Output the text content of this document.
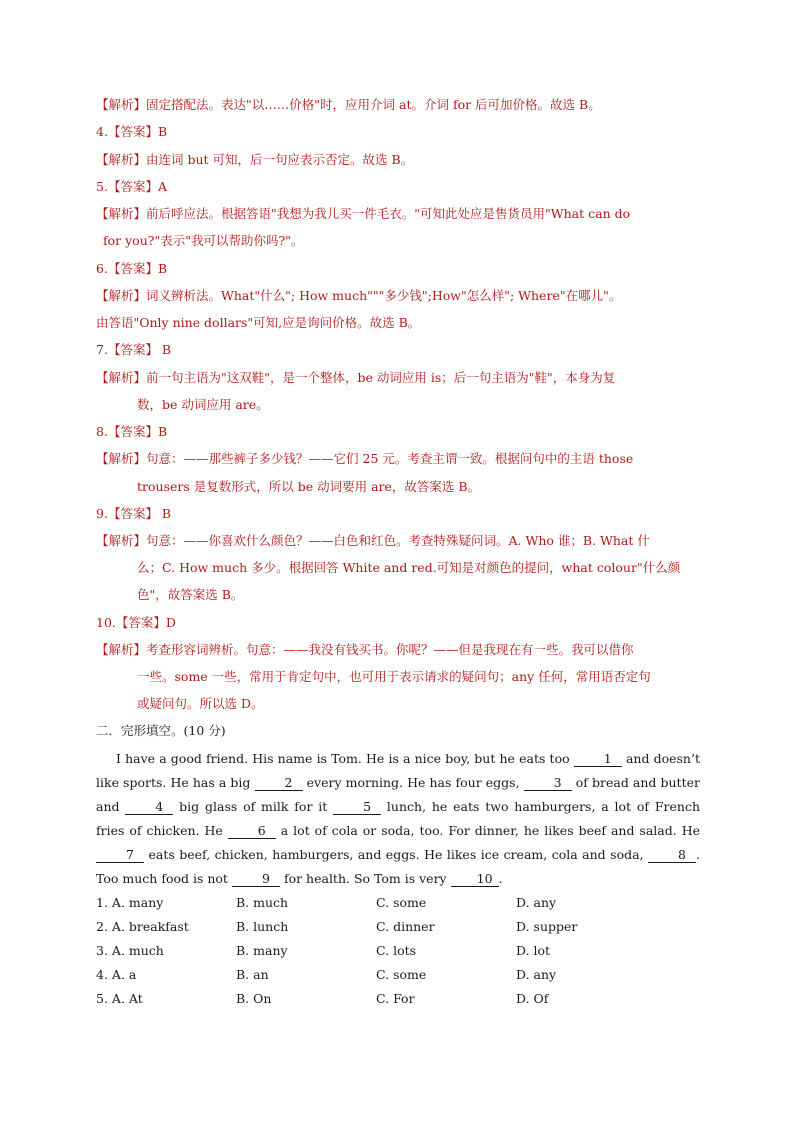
【解析】固定搭配法。表达"以……价格"时，应用介词 at。介词 for 后可加价格。故选 B。
4.【答案】B
【解析】由连词 but 可知，后一句应表示否定。故选 B。
5.【答案】A
【解析】前后呼应法。根据答语"我想为我儿买一件毛衣。"可知此处应是售货员用"What can do
for you?"表示"我可以帮助你吗?"。
6.【答案】B
【解析】词义辨析法。What"什么"; How much"""多少钱";How"怎么样"; Where"在哪儿"。
由答语"Only nine dollars"可知,应是询问价格。故选 B。
7.【答案】 B
【解析】前一句主语为"这双鞋"，是一个整体，be 动词应用 is；后一句主语为"鞋"，本身为复
数，be 动词应用 are。
8.【答案】B
【解析】句意：——那些裤子多少钱？——它们 25 元。考查主谓一致。根据问句中的主语 those
trousers 是复数形式，所以 be 动词要用 are，故答案选 B。
9.【答案】 B
【解析】句意：——你喜欢什么颜色？——白色和红色。考查特殊疑问词。A. Who 谁；B. What 什
么；C. How much 多少。根据回答 White and red.可知是对颜色的提问，what colour"什么颜
色"，故答案选 B。
10.【答案】D
【解析】考查形容词辨析。句意：——我没有钱买书。你呢？——但是我现在有一些。我可以借你
一些。some 一些，常用于肯定句中，也可用于表示请求的疑问句；any 任何，常用语否定句
或疑问句。所以选 D。
二．完形填空。(10 分)

I have a good friend. His name is Tom. He is a nice boy, but he eats too	1 and doesn’t like sports. He has a big	2 every morning. He has four eggs,	3 of bread and butter and	4 big glass of milk for it	5 lunch, he eats two hamburgers, a lot of French fries of chicken. He	6 a lot of cola or soda, too. For dinner, he likes beef and salad. He 7 eats beef, chicken, hamburgers, and eggs. He likes ice cream, cola and soda,	8 . Too much food is not	9 for health. So Tom is very 10 .

1. A. many	B. much	C. some	D. any
2. A. breakfast	B. lunch	C. dinner	D. supper
3. A. much	B. many	C. lots	D. lot
4. A. a	B. an	C. some	D. any
5. A. At	B. On	C. For	D. Of
